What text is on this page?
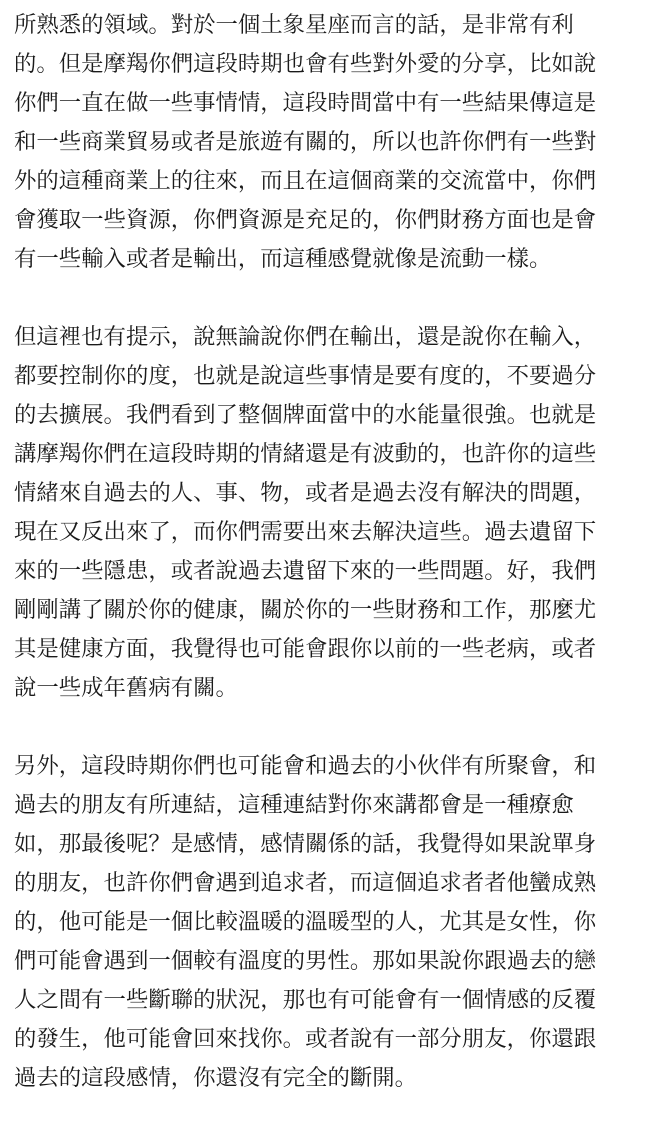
所熟悉的領域。對於一個土象星座而言的話，是非常有利
的。但是摩羯你們這段時期也會有些對外愛的分享，比如說
你們一直在做一些事情情，這段時間當中有一些結果傳這是
和一些商業貿易或者是旅遊有關的，所以也許你們有一些對
外的這種商業上的往來，而且在這個商業的交流當中，你們
會獲取一些資源，你們資源是充足的，你們財務方面也是會
有一些輸入或者是輸出，而這種感覺就像是流動一樣。
但這裡也有提示，說無論說你們在輸出，還是說你在輸入，
都要控制你的度，也就是說這些事情是要有度的，不要過分
的去擴展。我們看到了整個牌面當中的水能量很強。也就是
講摩羯你們在這段時期的情緒還是有波動的，也許你的這些
情緒來自過去的人、事、物，或者是過去沒有解決的問題，
現在又反出來了，而你們需要出來去解決這些。過去遺留下
來的一些隱患，或者說過去遺留下來的一些問題。好，我們
剛剛講了關於你的健康，關於你的一些財務和工作，那麼尤
其是健康方面，我覺得也可能會跟你以前的一些老病，或者
說一些成年舊病有關。
另外，這段時期你們也可能會和過去的小伙伴有所聚會，和
過去的朋友有所連結，這種連結對你來講都會是一種療愈
如，那最後呢？是感情，感情關係的話，我覺得如果說單身
的朋友，也許你們會遇到追求者，而這個追求者者他蠻成熟
的，他可能是一個比較溫暖的溫暖型的人，尤其是女性，你
們可能會遇到一個較有溫度的男性。那如果說你跟過去的戀
人之間有一些斷聯的狀況，那也有可能會有一個情感的反覆
的發生，他可能會回來找你。或者說有一部分朋友，你還跟
過去的這段感情，你還沒有完全的斷開。
